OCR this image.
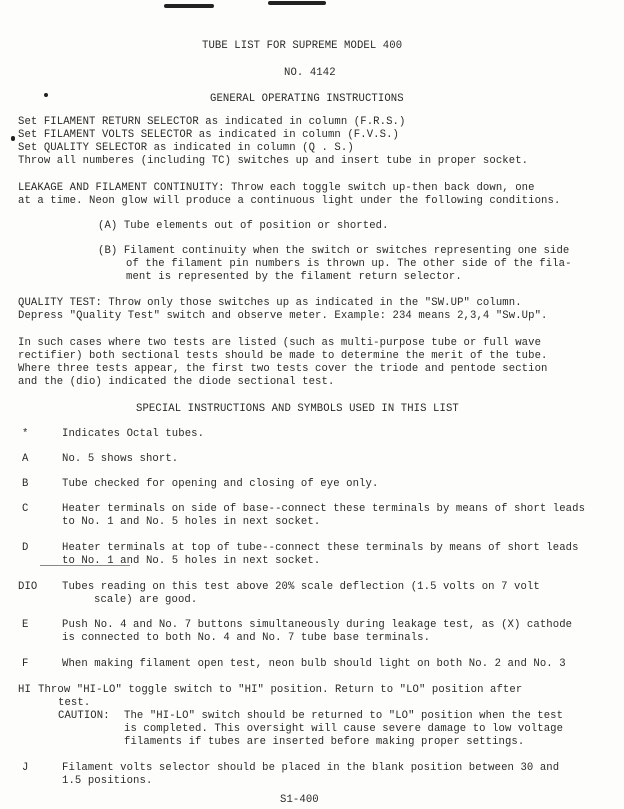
TUBE LIST FOR SUPREME MODEL 400
NO. 4142
GENERAL OPERATING INSTRUCTIONS
Set FILAMENT RETURN SELECTOR as indicated in column (F.R.S.)
Set FILAMENT VOLTS SELECTOR as indicated in column (F.V.S.)
Set QUALITY SELECTOR as indicated in column (Q . S.)
Throw all numberes (including TC) switches up and insert tube in proper socket.
LEAKAGE AND FILAMENT CONTINUITY: Throw each toggle switch up-then back down, one
at a time. Neon glow will produce a continuous light under the following conditions.
(A) Tube elements out of position or shorted.
(B) Filament continuity when the switch or switches representing one side
of the filament pin numbers is thrown up. The other side of the fila-
ment is represented by the filament return selector.
QUALITY TEST: Throw only those switches up as indicated in the "SW.UP" column.
Depress "Quality Test" switch and observe meter. Example: 234 means 2,3,4 "Sw.Up".
In such cases where two tests are listed (such as multi-purpose tube or full wave
rectifier) both sectional tests should be made to determine the merit of the tube.
Where three tests appear, the first two tests cover the triode and pentode section
and the (dio) indicated the diode sectional test.
SPECIAL INSTRUCTIONS AND SYMBOLS USED IN THIS LIST
*	Indicates Octal tubes.
A	No. 5 shows short.
B	Tube checked for opening and closing of eye only.
C	Heater terminals on side of base--connect these terminals by means of short leads
to No. 1 and No. 5 holes in next socket.
D	Heater terminals at top of tube--connect these terminals by means of short leads
to No. 1 and No. 5 holes in next socket.
DIO Tubes reading on this test above 20% scale deflection (1.5 volts on 7 volt
scale) are good.
E	Push No. 4 and No. 7 buttons simultaneously during leakage test, as (X) cathode
is connected to both No. 4 and No. 7 tube base terminals.
F	When making filament open test, neon bulb should light on both No. 2 and No. 3
HI Throw "HI-LO" toggle switch to "HI" position. Return to "LO" position after
test.
CAUTION: The "HI-LO" switch should be returned to "LO" position when the test
is completed. This oversight will cause severe damage to low voltage
filaments if tubes are inserted before making proper settings.
J	Filament volts selector should be placed in the blank position between 30 and
1.5 positions.
S1-400
